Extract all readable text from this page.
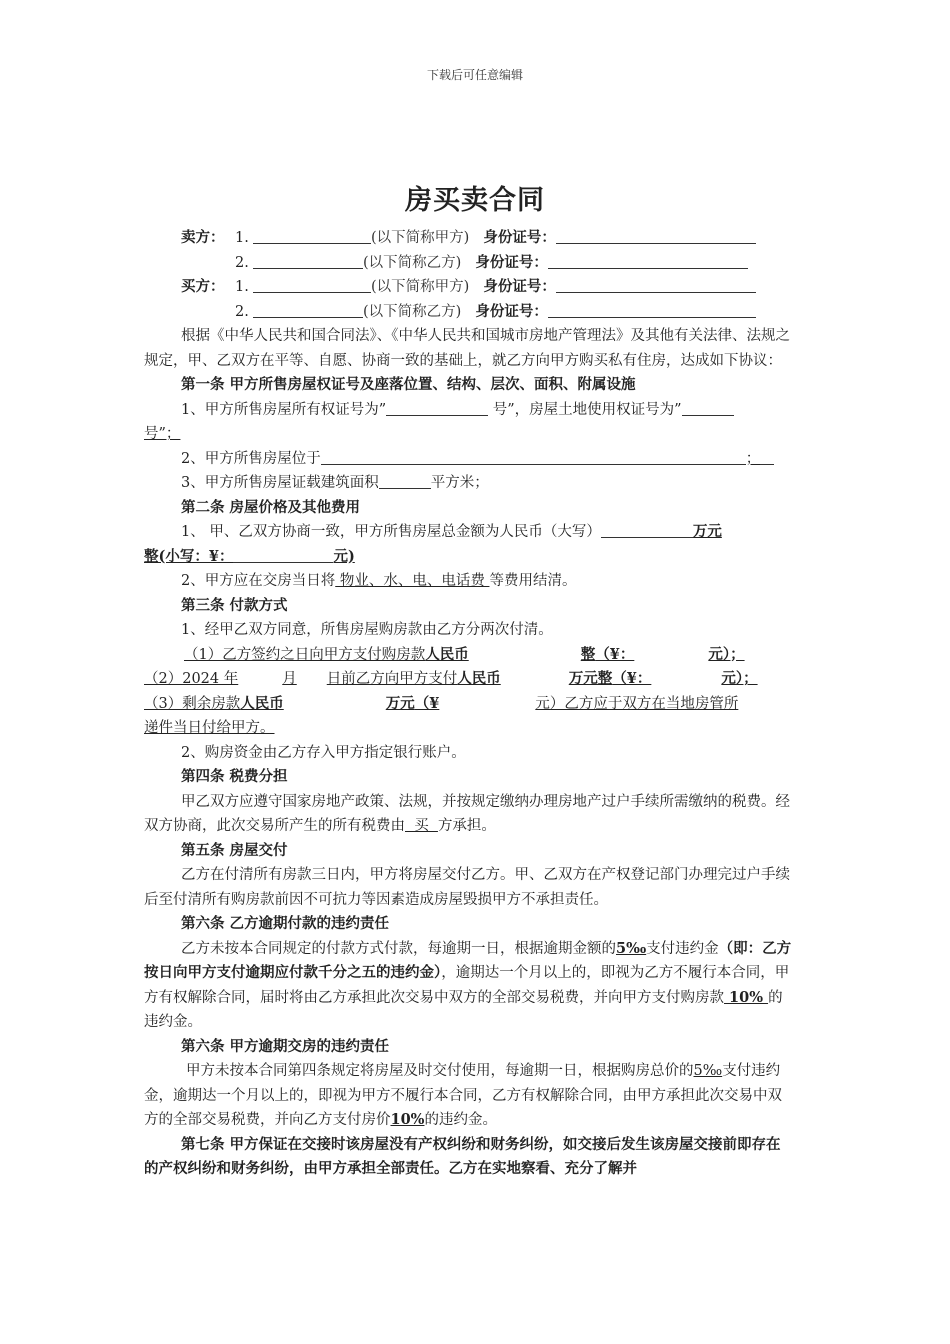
下载后可任意编辑
房买卖合同
卖方： 1.	(以下简称甲方) 身份证号：
2.	(以下简称乙方) 身份证号：
买方： 1.	(以下简称甲方) 身份证号：
2.	(以下简称乙方) 身份证号：

根据《中华人民共和国合同法》、《中华人民共和国城市房地产管理法》及其他有关法律、法规之规定，甲、乙双方在平等、自愿、协商一致的基础上，就乙方向甲方购买私有住房，达成如下协议：

第一条 甲方所售房屋权证号及座落位置、结构、层次、面积、附属设施

1、甲方所售房屋所有权证号为”	号”，房屋土地使用权证号为”

号”；

2、甲方所售房屋位于	；

3、甲方所售房屋证载建筑面积	平方米；

第二条 房屋价格及其他费用

1、 甲、乙双方协商一致，甲方所售房屋总金额为人民币（大写）	万元

整(小写：¥：	元)

2、甲方应在交房当日将 物业、水、电、电话费 等费用结清。

第三条 付款方式

1、经甲乙双方同意，所售房屋购房款由乙方分两次付清。

（1）乙方签约之日向甲方支付购房款人民币	整（¥：	元）；

（2）2024 年	月 日前乙方向甲方支付人民币	万元整（¥：	元）；

（3）剩余房款人民币	万元（¥	元）乙方应于双方在当地房管所

递件当日付给甲方。

2、购房资金由乙方存入甲方指定银行账户。

第四条 税费分担

甲乙双方应遵守国家房地产政策、法规，并按规定缴纳办理房地产过户手续所需缴纳的税费。经双方协商，此次交易所产生的所有税费由  买  方承担。

第五条 房屋交付

乙方在付清所有房款三日内，甲方将房屋交付乙方。甲、乙双方在产权登记部门办理完过户手续后至付清所有购房款前因不可抗力等因素造成房屋毁损甲方不承担责任。

第六条 乙方逾期付款的违约责任

乙方未按本合同规定的付款方式付款，每逾期一日，根据逾期金额的5‰支付违约金（即：乙方按日向甲方支付逾期应付款千分之五的违约金），逾期达一个月以上的，即视为乙方不履行本合同，甲方有权解除合同，届时将由乙方承担此次交易中双方的全部交易税费，并向甲方支付购房款 10% 的违约金。

第六条 甲方逾期交房的违约责任

甲方未按本合同第四条规定将房屋及时交付使用，每逾期一日，根据购房总价的5‰支付违约金，逾期达一个月以上的，即视为甲方不履行本合同，乙方有权解除合同，由甲方承担此次交易中双方的全部交易税费，并向乙方支付房价10%的违约金。

第七条 甲方保证在交接时该房屋没有产权纠纷和财务纠纷，如交接后发生该房屋交接前即存在的产权纠纷和财务纠纷，由甲方承担全部责任。乙方在实地察看、充分了解并
